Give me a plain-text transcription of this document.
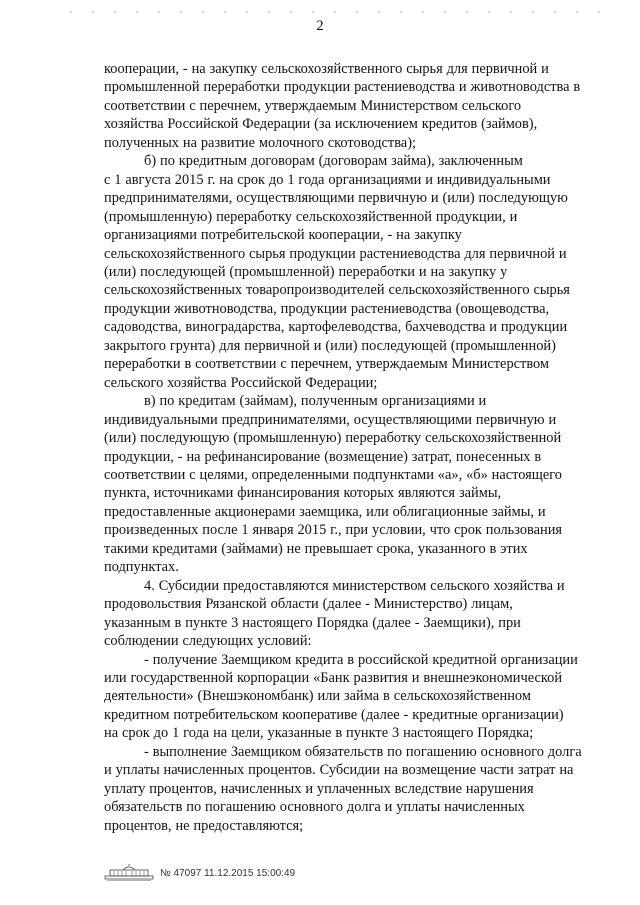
2

кооперации, - на закупку сельскохозяйственного сырья для первичной и
промышленной переработки продукции растениеводства и животноводства в
соответствии с перечнем, утверждаемым Министерством сельского
хозяйства Российской Федерации (за исключением кредитов (займов),
полученных на развитие молочного скотоводства);

б) по кредитным договорам (договорам займа), заключенным
с 1 августа 2015 г. на срок до 1 года организациями и индивидуальными
предпринимателями, осуществляющими первичную и (или) последующую
(промышленную) переработку сельскохозяйственной продукции, и
организациями потребительской кооперации, - на закупку
сельскохозяйственного сырья продукции растениеводства для первичной и
(или) последующей (промышленной) переработки и на закупку у
сельскохозяйственных товаропроизводителей сельскохозяйственного сырья
продукции животноводства, продукции растениеводства (овощеводства,
садоводства, виноградарства, картофелеводства, бахчеводства и продукции
закрытого грунта) для первичной и (или) последующей (промышленной)
переработки в соответствии с перечнем, утверждаемым Министерством
сельского хозяйства Российской Федерации;

в) по кредитам (займам), полученным организациями и
индивидуальными предпринимателями, осуществляющими первичную и
(или) последующую (промышленную) переработку сельскохозяйственной
продукции, - на рефинансирование (возмещение) затрат, понесенных в
соответствии с целями, определенными подпунктами «а», «б» настоящего
пункта, источниками финансирования которых являются займы,
предоставленные акционерами заемщика, или облигационные займы, и
произведенных после 1 января 2015 г., при условии, что срок пользования
такими кредитами (займами) не превышает срока, указанного в этих
подпунктах.

4. Субсидии предоставляются министерством сельского хозяйства и
продовольствия Рязанской области (далее - Министерство) лицам,
указанным в пункте 3 настоящего Порядка (далее - Заемщики), при
соблюдении следующих условий:

- получение Заемщиком кредита в российской кредитной организации
или государственной корпорации «Банк развития и внешнеэкономической
деятельности» (Внешэкономбанк) или займа в сельскохозяйственном
кредитном потребительском кооперативе (далее - кредитные организации)
на срок до 1 года на цели, указанные в пункте 3 настоящего Порядка;

- выполнение Заемщиком обязательств по погашению основного долга
и уплаты начисленных процентов. Субсидии на возмещение части затрат на
уплату процентов, начисленных и уплаченных вследствие нарушения
обязательств по погашению основного долга и уплаты начисленных
процентов, не предоставляются;

№ 47097 11.12.2015 15:00:49
